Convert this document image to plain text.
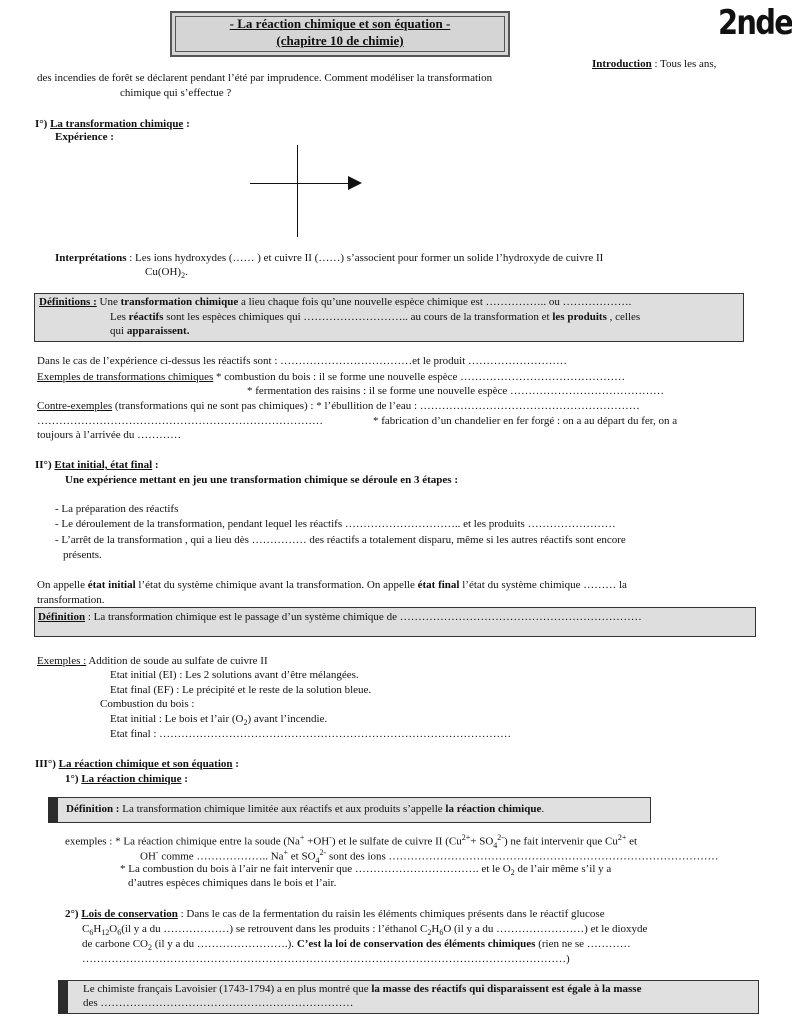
- La réaction chimique et son équation -
(chapitre 10 de chimie)	2nde
Introduction : Tous les ans,
des incendies de forêt se déclarent pendant l’été par imprudence. Comment modéliser la transformation
chimique qui s’effectue ?
I°) La transformation chimique :
Expérience :
Interprétations : Les ions hydroxydes (…… ) et cuivre II (……) s’associent pour former un solide l’hydroxyde de cuivre II
$Cu(OH)_2$.
Définitions : Une transformation chimique a lieu chaque fois qu’une nouvelle espèce chimique est …………….. ou ……………….
Les réactifs sont les espèces chimiques qui ……………………….. au cours de la transformation et les produits , celles
qui apparaissent.
Dans le cas de l’expérience ci-dessus les réactifs sont : ………………………………et le produit ………………………
Exemples de transformations chimiques * combustion du bois : il se forme une nouvelle espèce ………………………………………
* fermentation des raisins : il se forme une nouvelle espèce ……………………………………
Contre-exemples (transformations qui ne sont pas chimiques) : * l’ébullition de l’eau : ……………………………………………………
……………………………………………………………………	* fabrication d’un chandelier en fer forgé : on a au départ du fer, on a
toujours à l’arrivée du …………
II°) Etat initial, état final :
Une expérience mettant en jeu une transformation chimique se déroule en 3 étapes :
- La préparation des réactifs
- Le déroulement de la transformation, pendant lequel les réactifs ………………………….. et les produits ……………………
- L’arrêt de la transformation , qui a lieu dès …………… des réactifs a totalement disparu, même si les autres réactifs sont encore
présents.
On appelle état initial l’état du système chimique avant la transformation. On appelle état final l’état du système chimique ……… la
transformation.
Définition : La transformation chimique est le passage d’un système chimique de …………………………………………………………
Exemples : Addition de soude au sulfate de cuivre II
Etat initial (EI) : Les 2 solutions avant d’être mélangées.
Etat final (EF) : Le précipité et le reste de la solution bleue.
Combustion du bois :
Etat initial : Le bois et l’air $(O_2)$ avant l’incendie.
Etat final : ……………………………………………………………………………………
III°) La réaction chimique et son équation :
1°) La réaction chimique :
Définition : La transformation chimique limitée aux réactifs et aux produits s’appelle la réaction chimique.
exemples : * La réaction chimique entre la soude (Na+ +OH-) et le sulfate de cuivre II $(Cu^{2+}+ SO_4^{2-})$ ne fait intervenir que $Cu^{2+}$ et
OH- comme ……………….. Na+ et $SO_4^{2-}$ sont des ions ………………………………………………………………………………
* La combustion du bois à l’air ne fait intervenir que ……………………………. et le $O_2$ de l’air même s’il y a
d’autres espèces chimiques dans le bois et l’air.
2°) Lois de conservation : Dans le cas de la fermentation du raisin les éléments chimiques présents dans le réactif glucose
$C_6H_{12}O_6(il$ y a du ………………) se retrouvent dans les produits : l’éthanol $C_2H_6O$ (il y a du ……………………) et le dioxyde
de carbone $CO_2$ (il y a du …………………….). C’est la loi de conservation des éléments chimiques (rien ne se …………
……………………………………………………………………………………………………………………)
Le chimiste français Lavoisier (1743-1794) a en plus montré que la masse des réactifs qui disparaissent est égale à la masse
des ……………………………………………………………
